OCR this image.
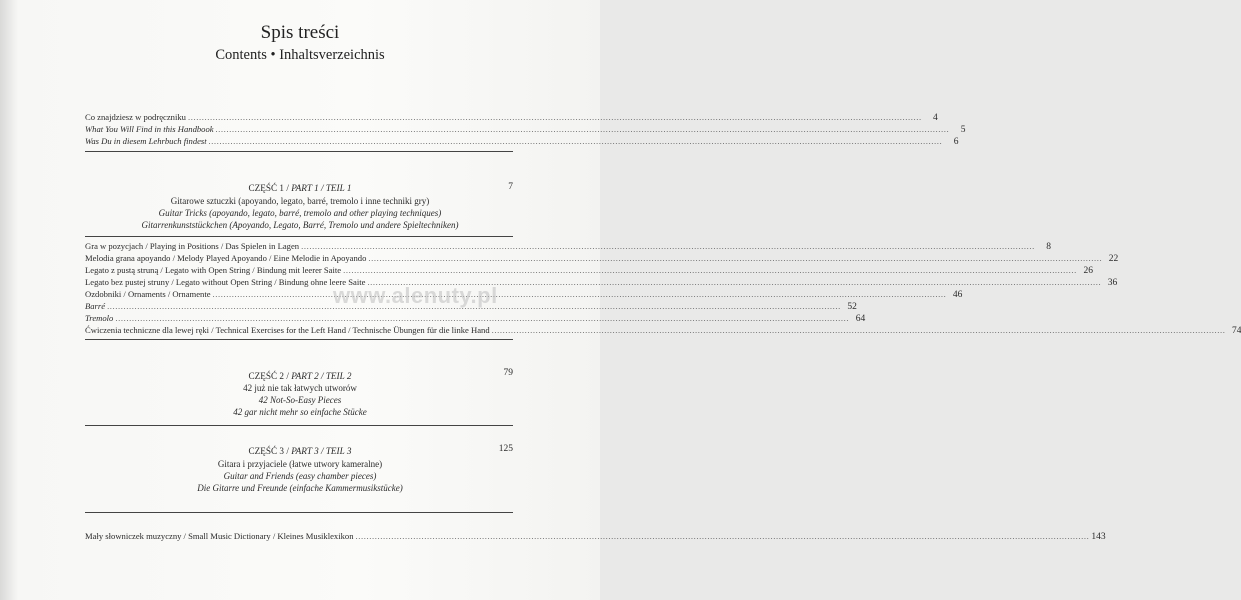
Spis treści
Contents • Inhaltsverzeichnis
Co znajdziesz w podręczniku .....	4
What You Will Find in this Handbook .....	5
Was Du in diesem Lehrbuch findest .....	6
CZĘŚĆ 1 / PART 1 / TEIL 1	7
Gitarowe sztuczki (apoyando, legato, barré, tremolo i inne techniki gry)
Guitar Tricks (apoyando, legato, barré, tremolo and other playing techniques)
Gitarrenkunststückchen (Apoyando, Legato, Barré, Tremolo und andere Spieltechniken)
Gra w pozycjach / Playing in Positions / Das Spielen in Lagen .....	8
Melodia grana apoyando / Melody Played Apoyando / Eine Melodie in Apoyando .....	22
Legato z pustą struną / Legato with Open String / Bindung mit leerer Saite .....	26
Legato bez pustej struny / Legato without Open String / Bindung ohne leere Saite .....	36
Ozdobniki / Ornaments / Ornamente .....	46
Barré .....	52
Tremolo .....	64
Ćwiczenia techniczne dla lewej ręki / Technical Exercises for the Left Hand / Technische Übungen für die linke Hand .....	74
CZĘŚĆ 2 / PART 2 / TEIL 2	79
42 już nie tak łatwych utworów
42 Not-So-Easy Pieces
42 gar nicht mehr so einfache Stücke
CZĘŚĆ 3 / PART 3 / TEIL 3	125
Gitara i przyjaciele (łatwe utwory kameralne)
Guitar and Friends (easy chamber pieces)
Die Gitarre und Freunde (einfache Kammermusikstücke)
Mały słowniczek muzyczny / Small Music Dictionary / Kleines Musiklexikon .....	143
www.alenuty.pl
